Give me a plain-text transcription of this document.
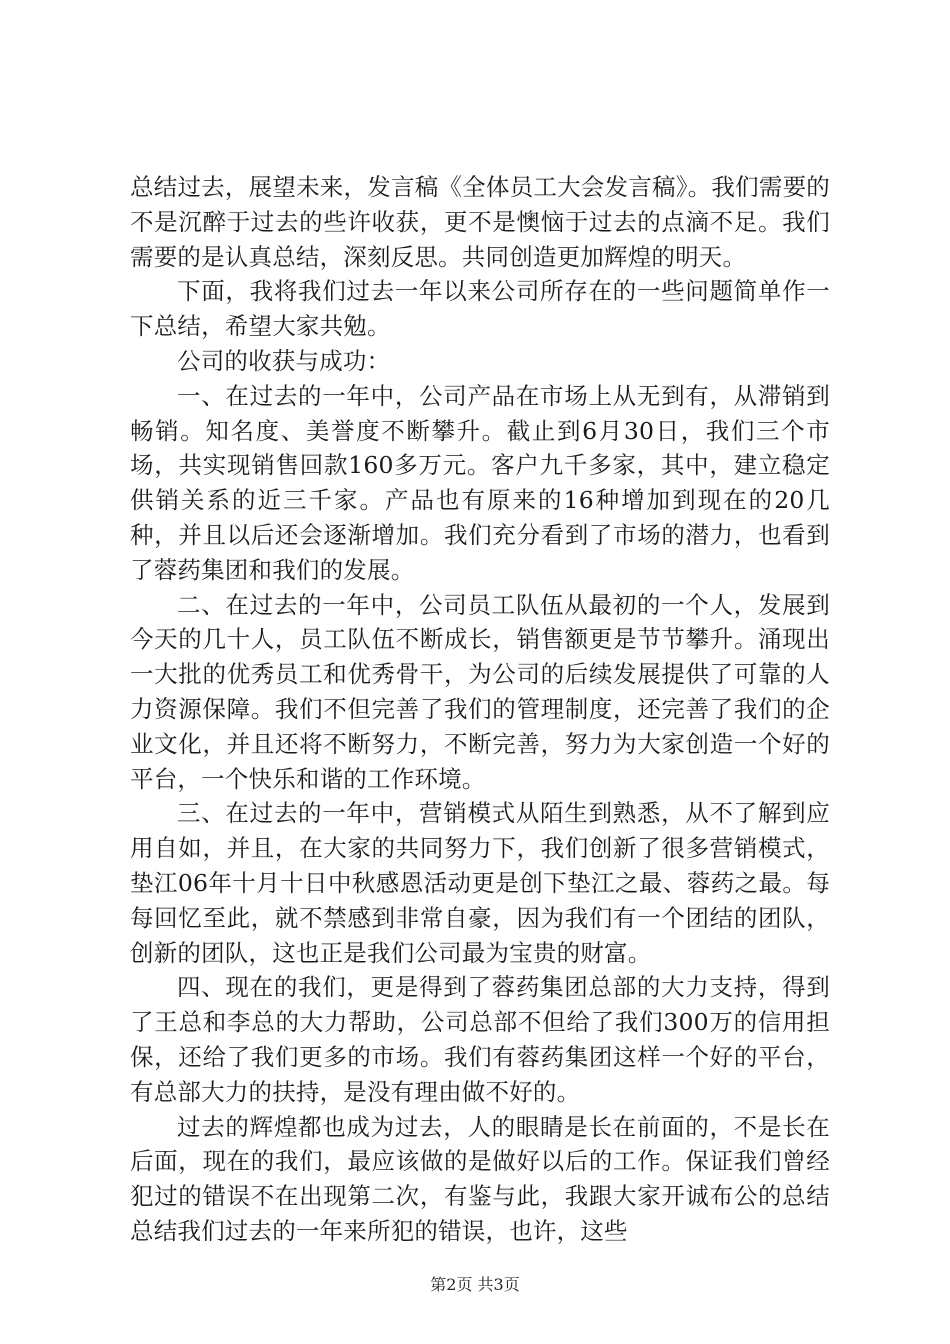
总结过去，展望未来，发言稿《全体员工大会发言稿》。我们需要的不是沉醉于过去的些许收获，更不是懊恼于过去的点滴不足。我们需要的是认真总结，深刻反思。共同创造更加辉煌的明天。

下面，我将我们过去一年以来公司所存在的一些问题简单作一下总结，希望大家共勉。

公司的收获与成功：

一、在过去的一年中，公司产品在市场上从无到有，从滞销到畅销。知名度、美誉度不断攀升。截止到6月30日，我们三个市场，共实现销售回款160多万元。客户九千多家，其中，建立稳定供销关系的近三千家。产品也有原来的16种增加到现在的20几种，并且以后还会逐渐增加。我们充分看到了市场的潜力，也看到了蓉药集团和我们的发展。

二、在过去的一年中，公司员工队伍从最初的一个人，发展到今天的几十人，员工队伍不断成长，销售额更是节节攀升。涌现出一大批的优秀员工和优秀骨干，为公司的后续发展提供了可靠的人力资源保障。我们不但完善了我们的管理制度，还完善了我们的企业文化，并且还将不断努力，不断完善，努力为大家创造一个好的平台，一个快乐和谐的工作环境。

三、在过去的一年中，营销模式从陌生到熟悉，从不了解到应用自如，并且，在大家的共同努力下，我们创新了很多营销模式，垫江06年十月十日中秋感恩活动更是创下垫江之最、蓉药之最。每每回忆至此，就不禁感到非常自豪，因为我们有一个团结的团队，创新的团队，这也正是我们公司最为宝贵的财富。

四、现在的我们，更是得到了蓉药集团总部的大力支持，得到了王总和李总的大力帮助，公司总部不但给了我们300万的信用担保，还给了我们更多的市场。我们有蓉药集团这样一个好的平台，有总部大力的扶持，是没有理由做不好的。

过去的辉煌都也成为过去，人的眼睛是长在前面的，不是长在后面，现在的我们，最应该做的是做好以后的工作。保证我们曾经犯过的错误不在出现第二次，有鉴与此，我跟大家开诚布公的总结总结我们过去的一年来所犯的错误，也许，这些

第2页 共3页
